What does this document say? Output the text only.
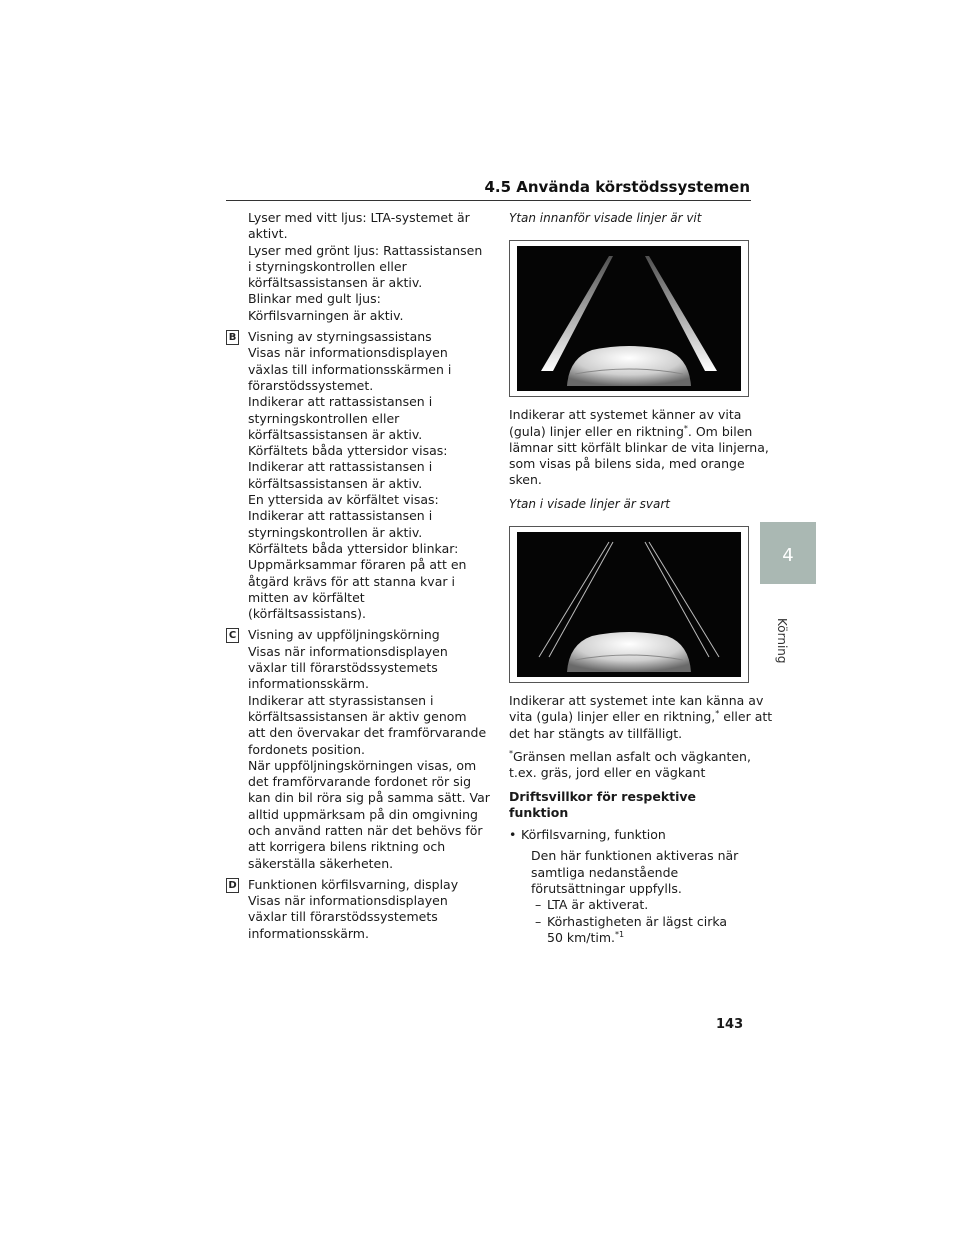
4.5 Använda körstödssystemen
4
Körning
Lyser med vitt ljus: LTA-systemet är
aktivt.
Lyser med grönt ljus: Rattassistansen
i styrningskontrollen eller
körfältsassistansen är aktiv.
Blinkar med gult ljus:
Körfilsvarningen är aktiv.
B Visning av styrningsassistans
Visas när informationsdisplayen
växlas till informationsskärmen i
förarstödssystemet.
Indikerar att rattassistansen i
styrningskontrollen eller
körfältsassistansen är aktiv.
Körfältets båda yttersidor visas:
Indikerar att rattassistansen i
körfältsassistansen är aktiv.
En yttersida av körfältet visas:
Indikerar att rattassistansen i
styrningskontrollen är aktiv.
Körfältets båda yttersidor blinkar:
Uppmärksammar föraren på att en
åtgärd krävs för att stanna kvar i
mitten av körfältet
(körfältsassistans).
C Visning av uppföljningskörning
Visas när informationsdisplayen
växlar till förarstödssystemets
informationsskärm.
Indikerar att styrassistansen i
körfältsassistansen är aktiv genom
att den övervakar det framförvarande
fordonets position.
När uppföljningskörningen visas, om
det framförvarande fordonet rör sig
kan din bil röra sig på samma sätt. Var
alltid uppmärksam på din omgivning
och använd ratten när det behövs för
att korrigera bilens riktning och
säkerställa säkerheten.
D Funktionen körfilsvarning, display
Visas när informationsdisplayen
växlar till förarstödssystemets
informationsskärm.
Ytan innanför visade linjer är vit
Indikerar att systemet känner av vita
(gula) linjer eller en riktning*. Om bilen
lämnar sitt körfält blinkar de vita linjerna,
som visas på bilens sida, med orange
sken.
Ytan i visade linjer är svart
Indikerar att systemet inte kan känna av
vita (gula) linjer eller en riktning,* eller att
det har stängts av tillfälligt.
*Gränsen mellan asfalt och vägkanten,
t.ex. gräs, jord eller en vägkant
Driftsvillkor för respektive funktion
• Körfilsvarning, funktion
Den här funktionen aktiveras när
samtliga nedanstående
förutsättningar uppfylls.
– LTA är aktiverat.
– Körhastigheten är lägst cirka
50 km/tim.$^{*1}$
143
